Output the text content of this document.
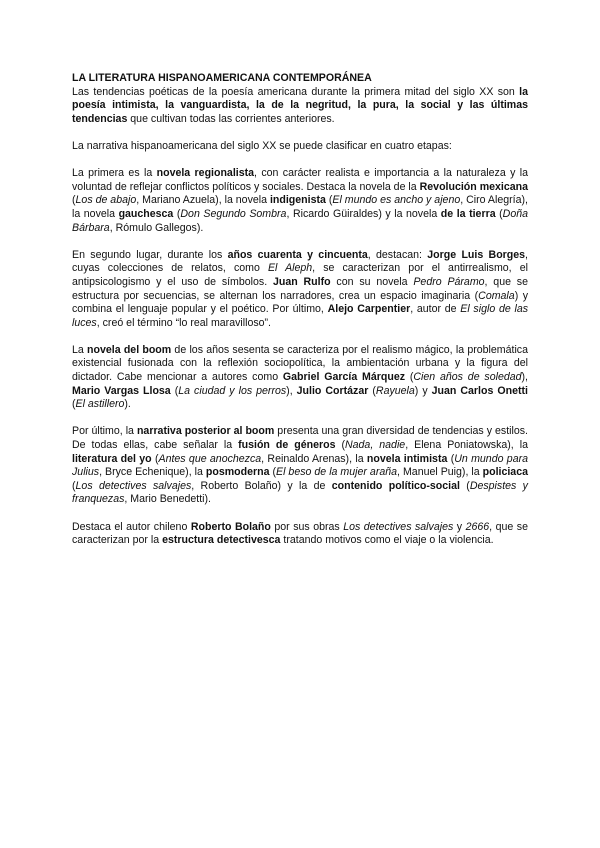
LA LITERATURA HISPANOAMERICANA CONTEMPORÁNEA

Las tendencias poéticas de la poesía americana durante la primera mitad del siglo XX son la poesía intimista, la vanguardista, la de la negritud, la pura, la social y las últimas tendencias que cultivan todas las corrientes anteriores.

La narrativa hispanoamericana del siglo XX se puede clasificar en cuatro etapas:

La primera es la novela regionalista, con carácter realista e importancia a la naturaleza y la voluntad de reflejar conflictos políticos y sociales. Destaca la novela de la Revolución mexicana (Los de abajo, Mariano Azuela), la novela indigenista (El mundo es ancho y ajeno, Ciro Alegría), la novela gauchesca (Don Segundo Sombra, Ricardo Güiraldes) y la novela de la tierra (Doña Bárbara, Rómulo Gallegos).

En segundo lugar, durante los años cuarenta y cincuenta, destacan: Jorge Luis Borges, cuyas colecciones de relatos, como El Aleph, se caracterizan por el antirrealismo, el antipsicologismo y el uso de símbolos. Juan Rulfo con su novela Pedro Páramo, que se estructura por secuencias, se alternan los narradores, crea un espacio imaginaria (Comala) y combina el lenguaje popular y el poético. Por último, Alejo Carpentier, autor de El siglo de las luces, creó el término “lo real maravilloso”.

La novela del boom de los años sesenta se caracteriza por el realismo mágico, la problemática existencial fusionada con la reflexión sociopolítica, la ambientación urbana y la figura del dictador. Cabe mencionar a autores como Gabriel García Márquez (Cien años de soledad), Mario Vargas Llosa (La ciudad y los perros), Julio Cortázar (Rayuela) y Juan Carlos Onetti (El astillero).

Por último, la narrativa posterior al boom presenta una gran diversidad de tendencias y estilos. De todas ellas, cabe señalar la fusión de géneros (Nada, nadie, Elena Poniatowska), la literatura del yo (Antes que anochezca, Reinaldo Arenas), la novela intimista (Un mundo para Julius, Bryce Echenique), la posmoderna (El beso de la mujer araña, Manuel Puig), la policiaca (Los detectives salvajes, Roberto Bolaño) y la de contenido político-social (Despistes y franquezas, Mario Benedetti).

Destaca el autor chileno Roberto Bolaño por sus obras Los detectives salvajes y 2666, que se caracterizan por la estructura detectivesca tratando motivos como el viaje o la violencia.
